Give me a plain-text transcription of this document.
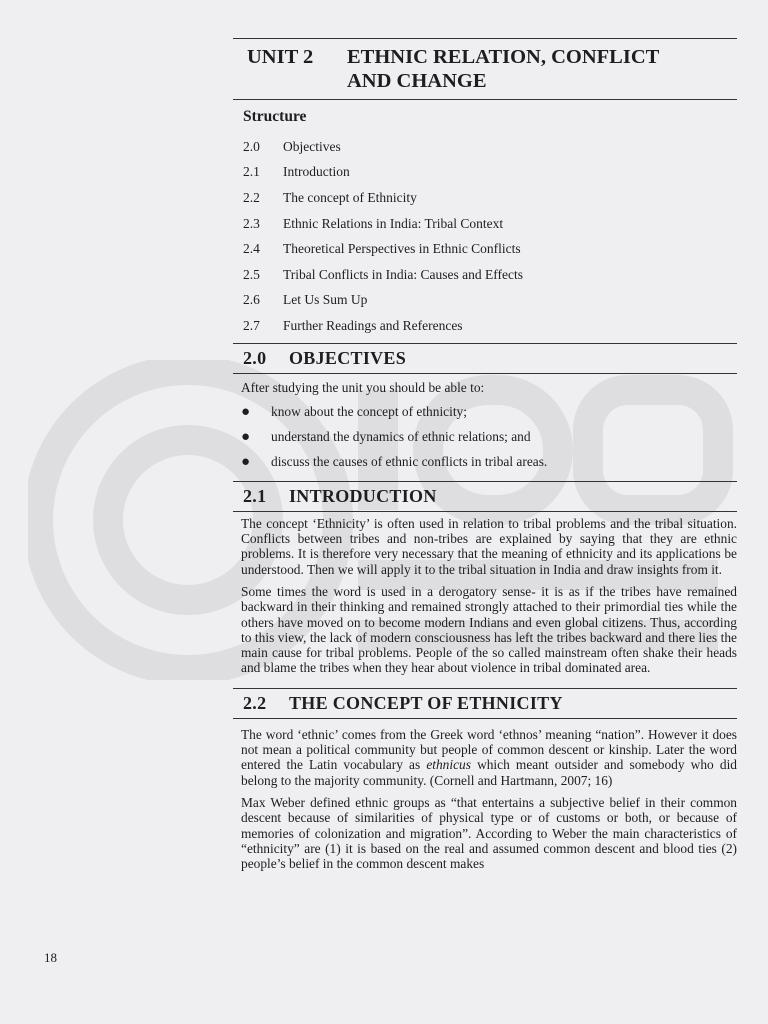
UNIT 2	ETHNIC RELATION, CONFLICT
AND CHANGE
Structure
2.0	Objectives
2.1	Introduction
2.2	The concept of Ethnicity
2.3	Ethnic Relations in India: Tribal Context
2.4	Theoretical Perspectives in Ethnic Conflicts
2.5	Tribal Conflicts in India: Causes and Effects
2.6	Let Us Sum Up
2.7	Further Readings and References
2.0	OBJECTIVES
After studying the unit you should be able to:
●	know about the concept of ethnicity;
●	understand the dynamics of ethnic relations; and
●	discuss the causes of ethnic conflicts in tribal areas.
2.1	INTRODUCTION

The concept ‘Ethnicity’ is often used in relation to tribal problems and the tribal situation. Conflicts between tribes and non-tribes are explained by saying that they are ethnic problems. It is therefore very necessary that the meaning of ethnicity and its applications be understood. Then we will apply it to the tribal situation in India and draw insights from it.

Some times the word is used in a derogatory sense- it is as if the tribes have remained backward in their thinking and remained strongly attached to their primordial ties while the others have moved on to become modern Indians and even global citizens. Thus, according to this view, the lack of modern consciousness has left the tribes backward and there lies the main cause for tribal problems. People of the so called mainstream often shake their heads and blame the tribes when they hear about violence in tribal dominated area.

2.2	THE CONCEPT OF ETHNICITY

The word ‘ethnic’ comes from the Greek word ‘ethnos’ meaning “nation”. However it does not mean a political community but people of common descent or kinship. Later the word entered the Latin vocabulary as ethnicus which meant outsider and somebody who did belong to the majority community. (Cornell and Hartmann, 2007; 16)

Max Weber defined ethnic groups as “that entertains a subjective belief in their common descent because of similarities of physical type or of customs or both, or because of memories of colonization and migration”. According to Weber the main characteristics of “ethnicity” are (1) it is based on the real and assumed common descent and blood ties (2) people’s belief in the common descent makes

18
